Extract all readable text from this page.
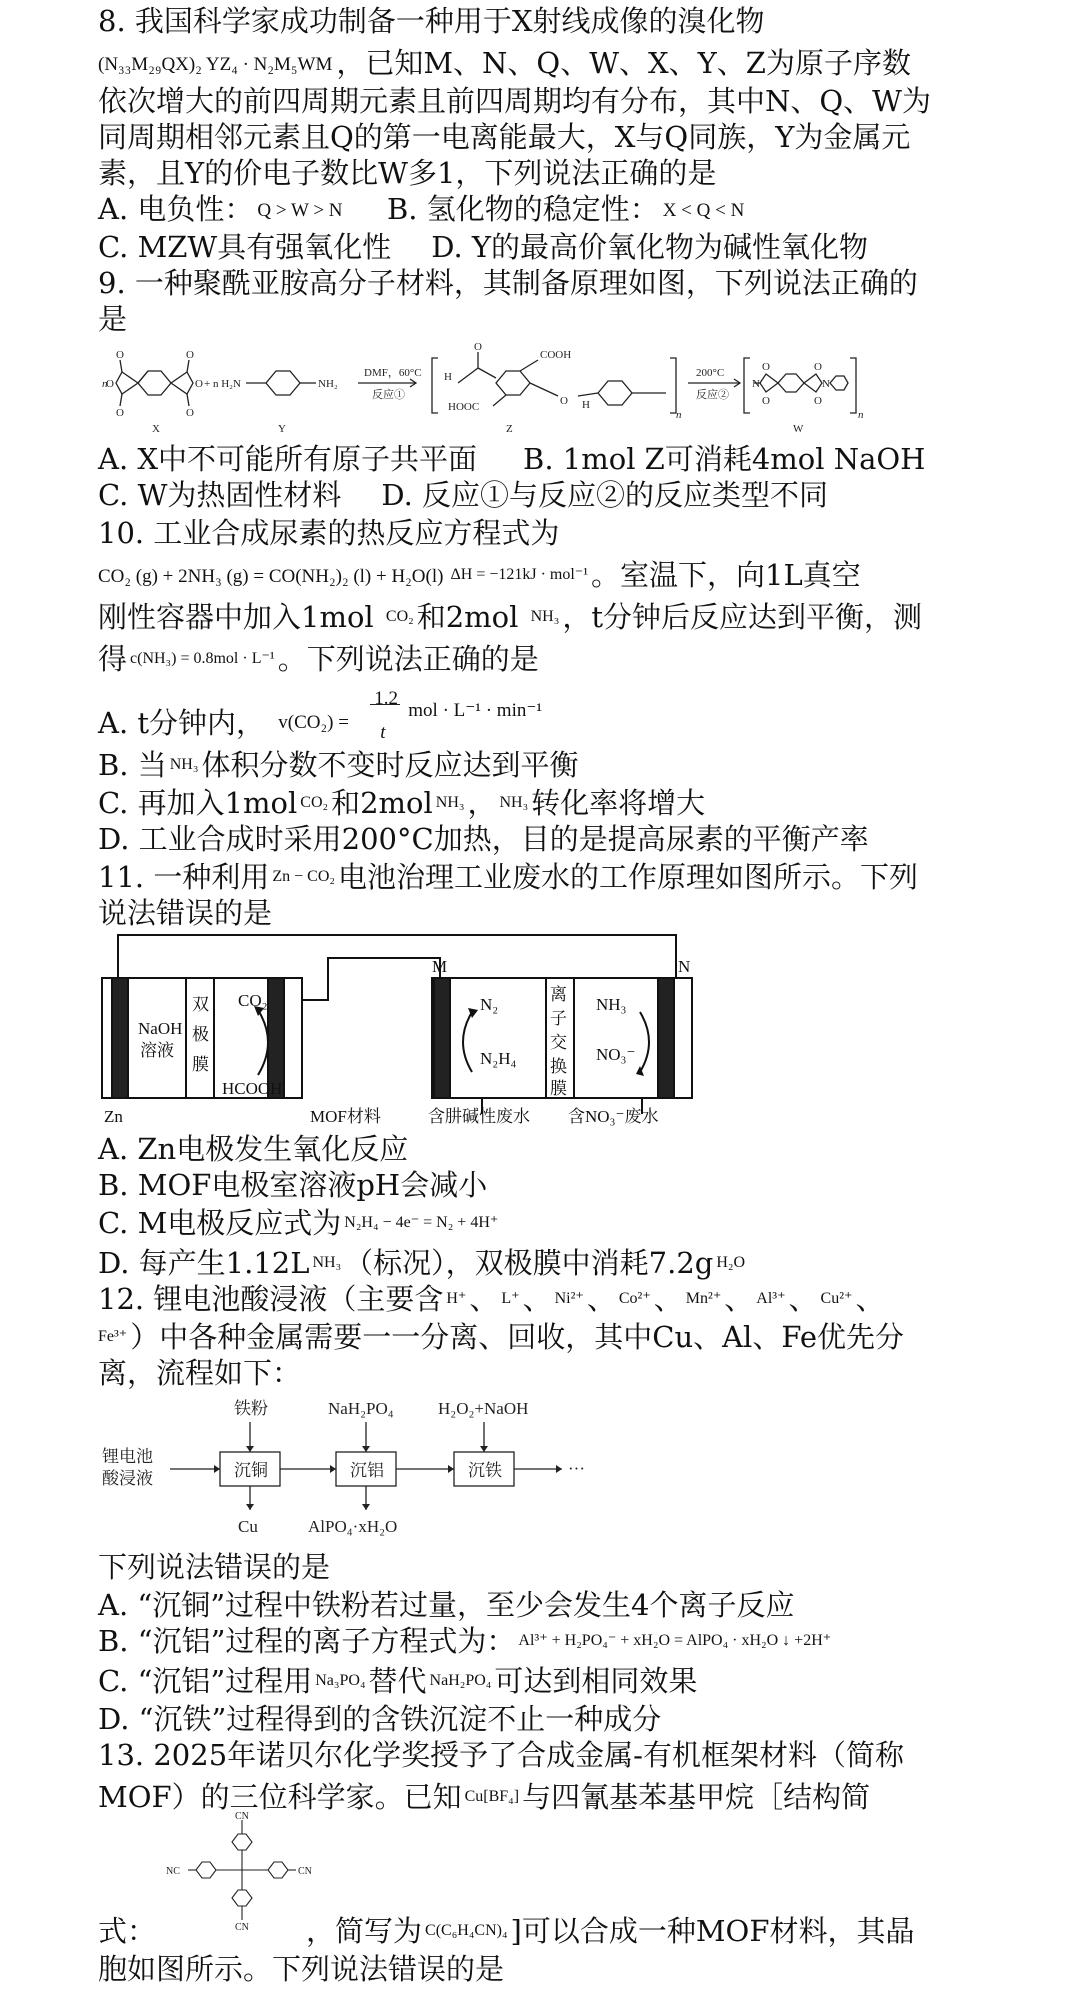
8. 我国科学家成功制备一种用于X射线成像的溴化物
(N₃₃M₂₉QX)₂ YZ₄ · N₂M₅WM ，已知M、N、Q、W、X、Y、Z为原子序数
依次增大的前四周期元素且前四周期均有分布，其中N、Q、W为
同周期相邻元素且Q的第一电离能最大，X与Q同族，Y为金属元
素，且Y的价电子数比W多1，下列说法正确的是
A. 电负性： Q > W > N B. 氢化物的稳定性： X < Q < N
C. MZW具有强氧化性 D. Y的最高价氧化物为碱性氧化物
9. 一种聚酰亚胺高分子材料，其制备原理如图，下列说法正确的
是
n
O	O
O	O
O	O + n H₂N	NH₂
DMF，60°C
反应①
O
COOH
HOOC	O
H
H
n
200°C
反应②
O	O
O	O
N	N
n
X	Y	Z	W
A. X中不可能所有原子共平面 B. 1mol Z可消耗4mol NaOH
C. W为热固性材料 D. 反应①与反应②的反应类型不同
10. 工业合成尿素的热反应方程式为
CO₂ (g) + 2NH₃ (g) = CO(NH₂)₂ (l) + H₂O(l) $^{\Delta H = -121kJ \cdot mol^{-1}}$ 。室温下，向1L真空
刚性容器中加入1mol $^{CO_2}$ 和2mol $^{NH_3}$ ，t分钟后反应达到平衡，测
得 $^{c(NH_3) = 0.8mol \cdot L^{-1}}$ 。下列说法正确的是
A. t分钟内， v(CO₂) =
1.2
t
mol · L⁻¹ · min⁻¹
B. 当 $^{NH_3}$ 体积分数不变时反应达到平衡
C. 再加入1mol $^{CO_2}$ 和2mol $^{NH_3}$ ， $^{NH_3}$ 转化率将增大
D. 工业合成时采用200°C加热，目的是提高尿素的平衡产率
11. 一种利用 $^{Zn - CO_2}$ 电池治理工业废水的工作原理如图所示。下列
说法错误的是
M	N
NaOH
溶液
双
极
膜
CO₂
HCOOH
N₂
N₂H₄
离
子
交
换
膜
NH₃
NO₃⁻
Zn	MOF材料	含肼碱性废水 含NO₃⁻废水
A. Zn电极发生氧化反应
B. MOF电极室溶液pH会减小
C. M电极反应式为 $^{N_2H_4 - 4e^- = N_2 + 4H^+}$
D. 每产生1.12L $^{NH_3}$ （标况），双极膜中消耗7.2g $^{H_2O}$
12. 锂电池酸浸液（主要含 $^{H^+}$ 、 $^{L^+}$ 、 $^{Ni^{2+}}$ 、 $^{Co^{2+}}$ 、 $^{Mn^{2+}}$ 、 $^{Al^{3+}}$ 、 $^{Cu^{2+}}$ 、
$^{Fe^{3+}}$ ）中各种金属需要一一分离、回收，其中Cu、Al、Fe优先分
离，流程如下：
锂电池
酸浸液
铁粉	NaH₂PO₄	H₂O₂+NaOH
沉铜	沉铝	沉铁	···
Cu	AlPO₄·xH₂O
下列说法错误的是
A. “沉铜”过程中铁粉若过量，至少会发生4个离子反应
B. “沉铝”过程的离子方程式为： $^{Al^{3+} + H_2PO_4^- + xH_2O = AlPO_4 \cdot xH_2O ↓ +2H^+}$
C. “沉铝”过程用 $^{Na_3PO_4}$ 替代 $^{NaH_2PO_4}$ 可达到相同效果
D. “沉铁”过程得到的含铁沉淀不止一种成分
13. 2025年诺贝尔化学奖授予了合成金属-有机框架材料（简称
MOF）的三位科学家。已知 $^{Cu[BF_4]}$ 与四氰基苯基甲烷［结构简
CN
CN
NC	CN
式：	，简写为 $^{C(C_6H_4CN)_4}$ ]可以合成一种MOF材料，其晶
胞如图所示。下列说法错误的是
